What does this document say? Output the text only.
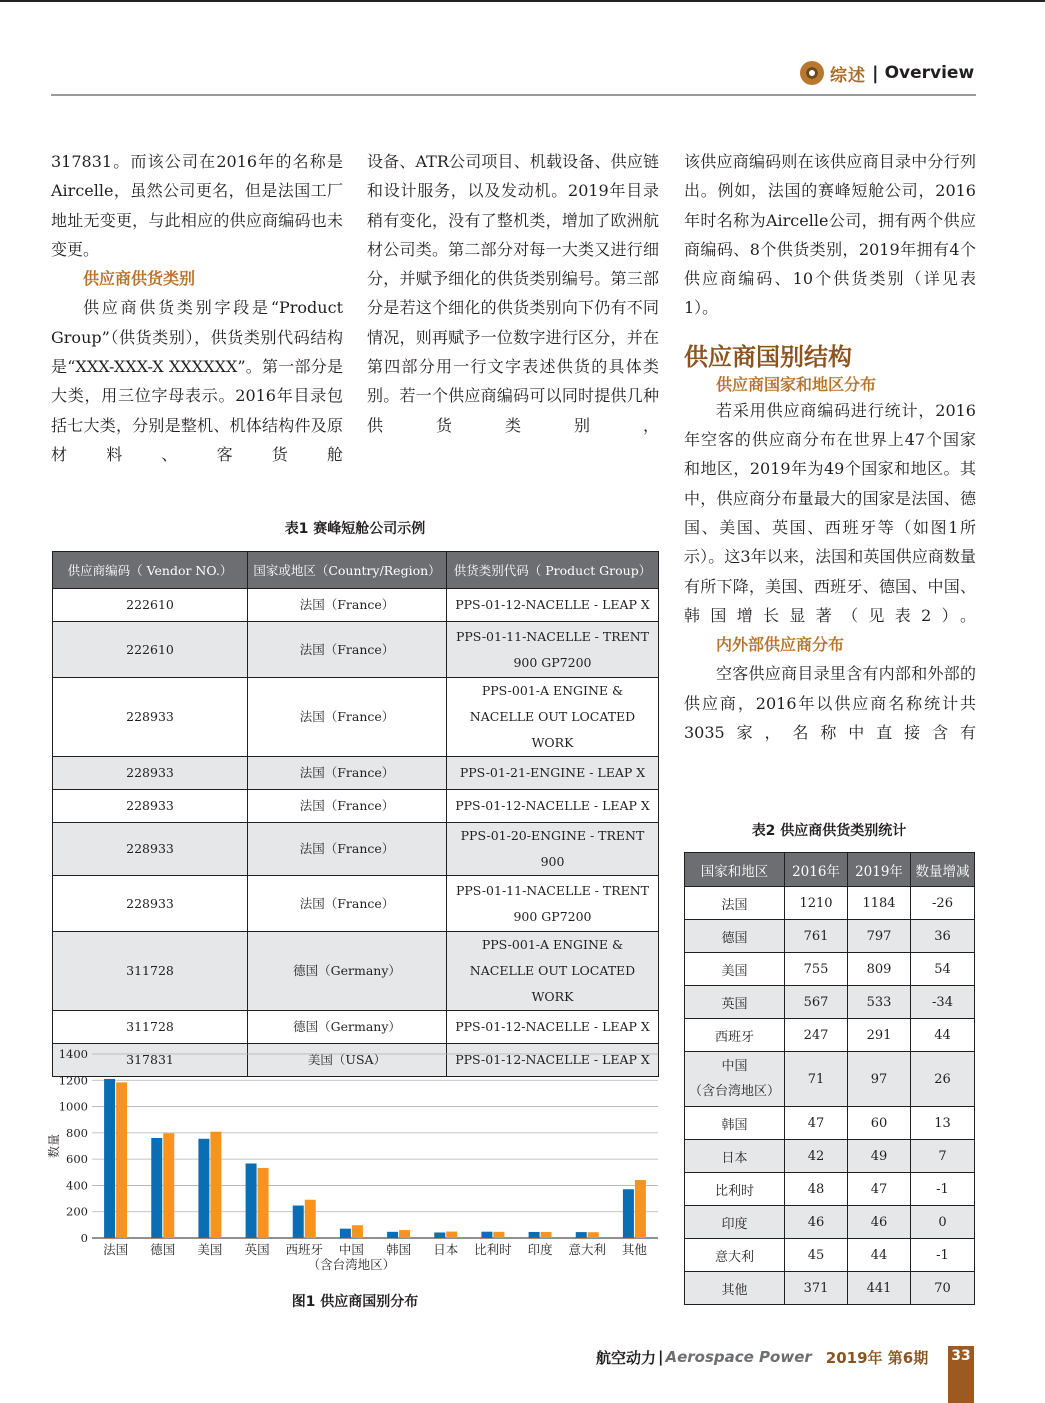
综述 | Overview

317831。而该公司在2016年的名称是Aircelle，虽然公司更名，但是法国工厂地址无变更，与此相应的供应商编码也未变更。

供应商供货类别

供应商供货类别字段是“Product Group”（供货类别），供货类别代码结构是“XXX-XXX-X XXXXXX”。第一部分是大类，用三位字母表示。2016年目录包括七大类，分别是整机、机体结构件及原材料、客货舱

设备、ATR公司项目、机载设备、供应链和设计服务，以及发动机。2019年目录稍有变化，没有了整机类，增加了欧洲航材公司类。第二部分对每一大类又进行细分，并赋予细化的供货类别编号。第三部分是若这个细化的供货类别向下仍有不同情况，则再赋予一位数字进行区分，并在第四部分用一行文字表述供货的具体类别。若一个供应商编码可以同时提供几种供货类别，

该供应商编码则在该供应商目录中分行列出。例如，法国的赛峰短舱公司，2016年时名称为Aircelle公司，拥有两个供应商编码、8个供货类别，2019年拥有4个供应商编码、10个供货类别（详见表1）。

供应商国别结构

供应商国家和地区分布

若采用供应商编码进行统计，2016年空客的供应商分布在世界上47个国家和地区，2019年为49个国家和地区。其中，供应商分布量最大的国家是法国、德国、美国、英国、西班牙等（如图1所示）。这3年以来，法国和英国供应商数量有所下降，美国、西班牙、德国、中国、韩国增长显著（见表2）。

内外部供应商分布

空客供应商目录里含有内部和外部的供应商，2016年以供应商名称统计共3035家，名称中直接含有

表1 赛峰短舱公司示例
供应商编码（ Vendor NO.）	国家或地区（Country/Region）	供货类别代码（ Product Group）
222610	法国（France）	PPS-01-12-NACELLE - LEAP X
222610	法国（France）	PPS-01-11-NACELLE - TRENT 900 GP7200
228933	法国（France）	PPS-001-A ENGINE & NACELLE OUT LOCATED WORK
228933	法国（France）	PPS-01-21-ENGINE - LEAP X
228933	法国（France）	PPS-01-12-NACELLE - LEAP X
228933	法国（France）	PPS-01-20-ENGINE - TRENT 900
228933	法国（France）	PPS-01-11-NACELLE - TRENT 900 GP7200
311728	德国（Germany）	PPS-001-A ENGINE & NACELLE OUT LOCATED WORK
311728	德国（Germany）	PPS-01-12-NACELLE - LEAP X
317831	美国（USA）	PPS-01-12-NACELLE - LEAP X
0
200
400
600
800
1000
1200
1400
数量
法国 德国 美国 英国 西班牙 中国
（含台湾地区）
韩国 日本 比利时 印度 意大利 其他
图1 供应商国别分布
表2 供应商供货类别统计
国家和地区	2016年	2019年	数量增减
法国	1210	1184	-26
德国	761	797	36
美国	755	809	54
英国	567	533	-34
西班牙	247	291	44
中国
（含台湾地区）	71	97	26
韩国	47	60	13
日本	42	49	7
比利时	48	47	-1
印度	46	46	0
意大利	45	44	-1
其他	371	441	70
航空动力 | Aerospace Power 2019年 第6期	33
